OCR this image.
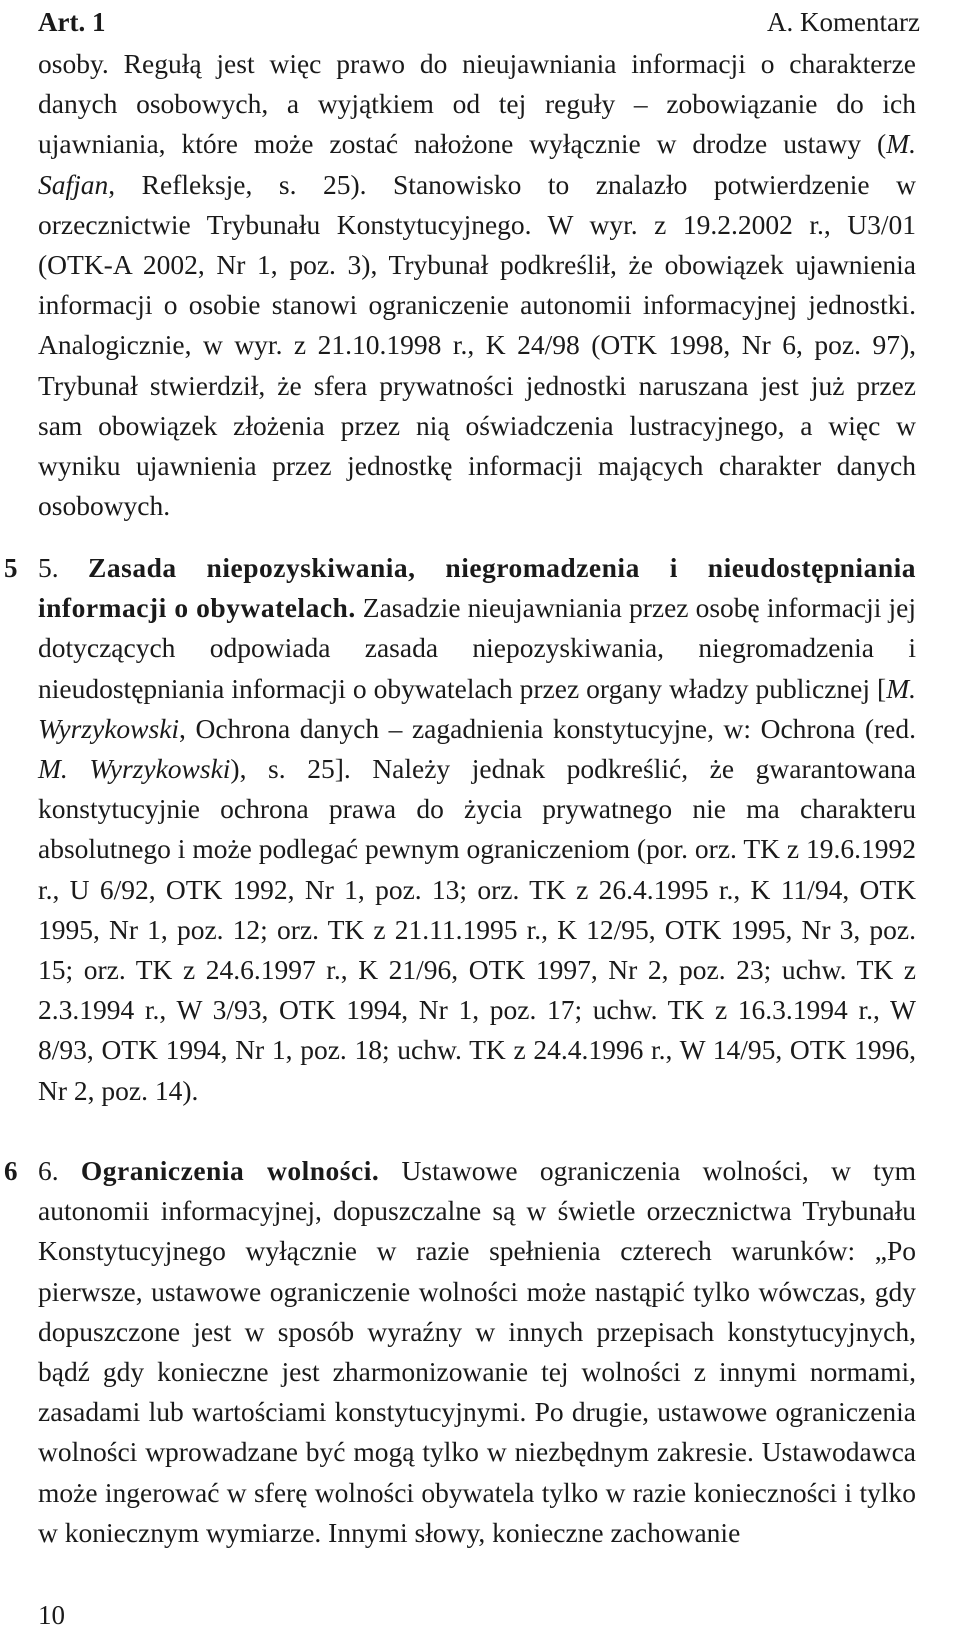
Art. 1	A. Komentarz

osoby. Regułą jest więc prawo do nieujawniania informacji o charakterze danych osobowych, a wyjątkiem od tej reguły – zobowiązanie do ich ujawniania, które może zostać nałożone wyłącznie w drodze ustawy (M. Safjan, Refleksje, s. 25). Stanowisko to znalazło potwierdzenie w orzecznictwie Trybunału Konstytucyjnego. W wyr. z 19.2.2002 r., U3/01 (OTK-A 2002, Nr 1, poz. 3), Trybunał podkreślił, że obowiązek ujawnienia informacji o osobie stanowi ograniczenie autonomii informacyjnej jednostki. Analogicznie, w wyr. z 21.10.1998 r., K 24/98 (OTK 1998, Nr 6, poz. 97), Trybunał stwierdził, że sfera prywatności jednostki naruszana jest już przez sam obowiązek złożenia przez nią oświadczenia lustracyjnego, a więc w wyniku ujawnienia przez jednostkę informacji mających charakter danych osobowych.

5 5. Zasada niepozyskiwania, niegromadzenia i nieudostępniania informacji o obywatelach. Zasadzie nieujawniania przez osobę informacji jej dotyczących odpowiada zasada niepozyskiwania, niegromadzenia i nieudostępniania informacji o obywatelach przez organy władzy publicznej [M. Wyrzykowski, Ochrona danych – zagadnienia konstytucyjne, w: Ochrona (red. M. Wyrzykowski), s. 25]. Należy jednak podkreślić, że gwarantowana konstytucyjnie ochrona prawa do życia prywatnego nie ma charakteru absolutnego i może podlegać pewnym ograniczeniom (por. orz. TK z 19.6.1992 r., U 6/92, OTK 1992, Nr 1, poz. 13; orz. TK z 26.4.1995 r., K 11/94, OTK 1995, Nr 1, poz. 12; orz. TK z 21.11.1995 r., K 12/95, OTK 1995, Nr 3, poz. 15; orz. TK z 24.6.1997 r., K 21/96, OTK 1997, Nr 2, poz. 23; uchw. TK z 2.3.1994 r., W 3/93, OTK 1994, Nr 1, poz. 17; uchw. TK z 16.3.1994 r., W 8/93, OTK 1994, Nr 1, poz. 18; uchw. TK z 24.4.1996 r., W 14/95, OTK 1996, Nr 2, poz. 14).

6 6. Ograniczenia wolności. Ustawowe ograniczenia wolności, w tym autonomii informacyjnej, dopuszczalne są w świetle orzecznictwa Trybunału Konstytucyjnego wyłącznie w razie spełnienia czterech warunków: „Po pierwsze, ustawowe ograniczenie wolności może nastąpić tylko wówczas, gdy dopuszczone jest w sposób wyraźny w innych przepisach konstytucyjnych, bądź gdy konieczne jest zharmonizowanie tej wolności z innymi normami, zasadami lub wartościami konstytucyjnymi. Po drugie, ustawowe ograniczenia wolności wprowadzane być mogą tylko w niezbędnym zakresie. Ustawodawca może ingerować w sferę wolności obywatela tylko w razie konieczności i tylko w koniecznym wymiarze. Innymi słowy, konieczne zachowanie

10
